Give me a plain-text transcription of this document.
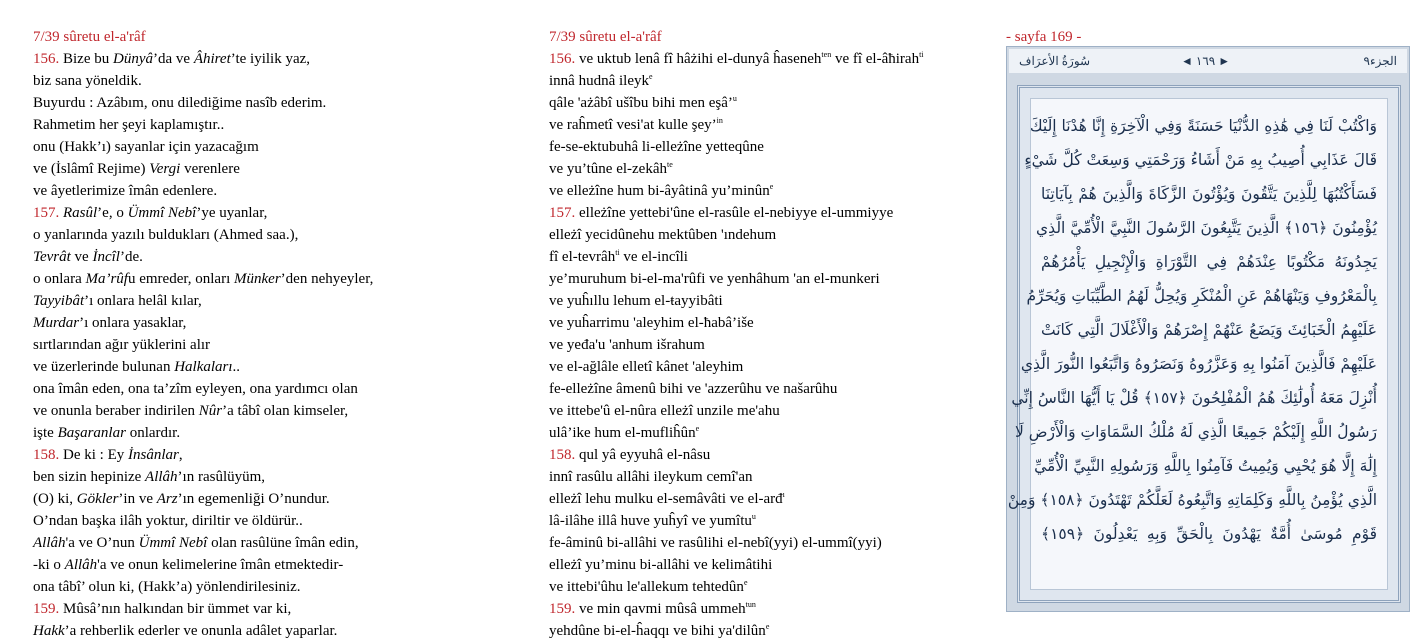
7/39 sûretu el-a'râf
156. Bize bu Dünyâ’da ve Âhiret’te iyilik yaz,
biz sana yöneldik.
Buyurdu : Azâbım, onu dilediğime nasîb ederim.
Rahmetim her şeyi kaplamıştır..
onu (Hakk’ı) sayanlar için yazacağım
ve (İslâmî Rejime) Vergi verenlere
ve âyetlerimize îmân edenlere.
157. Rasûl’e, o Ümmî Nebî’ye uyanlar,
o yanlarında yazılı buldukları (Ahmed saa.),
Tevrât ve İncîl’de.
o onlara Ma’rûfu emreder, onları Münker’den nehyeyler,
Tayyibât’ı onlara helâl kılar,
Murdar’ı onlara yasaklar,
sırtlarından ağır yüklerini alır
ve üzerlerinde bulunan Halkaları..
ona îmân eden, ona ta’zîm eyleyen, ona yardımcı olan
ve onunla beraber indirilen Nûr’a tâbî olan kimseler,
işte Başaranlar onlardır.
158. De ki : Ey İnsânlar,
ben sizin hepinize Allâh’ın rasûlüyüm,
(O) ki, Gökler’in ve Arz’ın egemenliği O’nundur.
O’ndan başka ilâh yoktur, diriltir ve öldürür..
Allâh'a ve O’nun Ümmî Nebî olan rasûlüne îmân edin,
-ki o Allâh'a ve onun kelimelerine îmân etmektedir-
ona tâbî’ olun ki, (Hakk’a) yönlendirilesiniz.
159. Mûsâ’nın halkından bir ümmet var ki,
Hakk’a rehberlik ederler ve onunla adâlet yaparlar.
7/39 sûretu el-a'râf
156. ve uktub lenâ fî hâżihi el-dunyâ ĥaseneh$^{ten}$ ve fî el-âħirah$^{ti}$
innâ hudnâ ileyk$^e$
qâle 'ażâbî ušîbu bihi men eşâ’$^u$
ve raĥmetî vesi'at kulle şey’$^{in}$
fe-se-ektubuhâ li-elleżîne yetteqûne
ve yu’tûne el-zekâh$^{te}$
ve elleżîne hum bi-âyâtinâ yu’minûn$^e$
157. elleżîne yettebi'ûne el-rasûle el-nebiyye el-ummiyye
elleżî yecidûnehu mektûben 'ındehum
fî el-tevrâh$^{ti}$ ve el-incîli
ye’muruhum bi-el-ma'rûfi ve yenhâhum 'an el-munkeri
ve yuĥıllu lehum el-ŧayyibâti
ve yuĥarrimu 'aleyhim el-ħabâ’iše
ve yeđa'u 'anhum išrahum
ve el-ağlâle elletî kânet 'aleyhim
fe-elleżîne âmenû bihi ve 'azzerûhu ve našarûhu
ve ittebe'û el-nûra elleżî unzile me'ahu
ulâ’ike hum el-mufliĥûn$^e$
158. qul yâ eyyuhâ el-nâsu
innî rasûlu allâhi ileykum cemî'an
elleżî lehu mulku el-semâvâti ve el-arđ$^ı$
lâ-ilâhe illâ huve yuĥyî ve yumîtu$^u$
fe-âminû bi-allâhi ve rasûlihi el-nebî(yyi) el-ummî(yyi)
elleżî yu’minu bi-allâhi ve kelimâtihi
ve ittebi'ûhu le'allekum tehtedûn$^e$
159. ve min qavmi mûsâ ummeh$^{tun}$
yehdûne bi-el-ĥaqqı ve bihi ya'dilûn$^e$
- sayfa 169 -
سُورَةُ الأعرَاف	◄ ١٦٩ ►	الجزء٩
وَاكْتُبْ لَنَا فِي هَٰذِهِ الدُّنْيَا حَسَنَةً وَفِي الْآخِرَةِ إِنَّا هُدْنَا إِلَيْكَ
قَالَ عَذَابِي أُصِيبُ بِهِ مَنْ أَشَاءُ وَرَحْمَتِي وَسِعَتْ كُلَّ شَيْءٍ
فَسَأَكْتُبُهَا لِلَّذِينَ يَتَّقُونَ وَيُؤْتُونَ الزَّكَاةَ وَالَّذِينَ هُمْ بِآيَاتِنَا
يُؤْمِنُونَ ﴿١٥٦﴾ الَّذِينَ يَتَّبِعُونَ الرَّسُولَ النَّبِيَّ الْأُمِّيَّ الَّذِي
يَجِدُونَهُ مَكْتُوبًا عِنْدَهُمْ فِي التَّوْرَاةِ وَالْإِنْجِيلِ يَأْمُرُهُمْ
بِالْمَعْرُوفِ وَيَنْهَاهُمْ عَنِ الْمُنْكَرِ وَيُحِلُّ لَهُمُ الطَّيِّبَاتِ وَيُحَرِّمُ
عَلَيْهِمُ الْخَبَائِثَ وَيَضَعُ عَنْهُمْ إِصْرَهُمْ وَالْأَغْلَالَ الَّتِي كَانَتْ
عَلَيْهِمْ فَالَّذِينَ آمَنُوا بِهِ وَعَزَّرُوهُ وَنَصَرُوهُ وَاتَّبَعُوا النُّورَ الَّذِي
أُنْزِلَ مَعَهُ أُولَٰئِكَ هُمُ الْمُفْلِحُونَ ﴿١٥٧﴾ قُلْ يَا أَيُّهَا النَّاسُ إِنِّي
رَسُولُ اللَّهِ إِلَيْكُمْ جَمِيعًا الَّذِي لَهُ مُلْكُ السَّمَاوَاتِ وَالْأَرْضِ لَا
إِلَٰهَ إِلَّا هُوَ يُحْيِي وَيُمِيتُ فَآمِنُوا بِاللَّهِ وَرَسُولِهِ النَّبِيِّ الْأُمِّيِّ
الَّذِي يُؤْمِنُ بِاللَّهِ وَكَلِمَاتِهِ وَاتَّبِعُوهُ لَعَلَّكُمْ تَهْتَدُونَ ﴿١٥٨﴾ وَمِنْ
قَوْمِ مُوسَىٰ أُمَّةٌ يَهْدُونَ بِالْحَقِّ وَبِهِ يَعْدِلُونَ ﴿١٥٩﴾
